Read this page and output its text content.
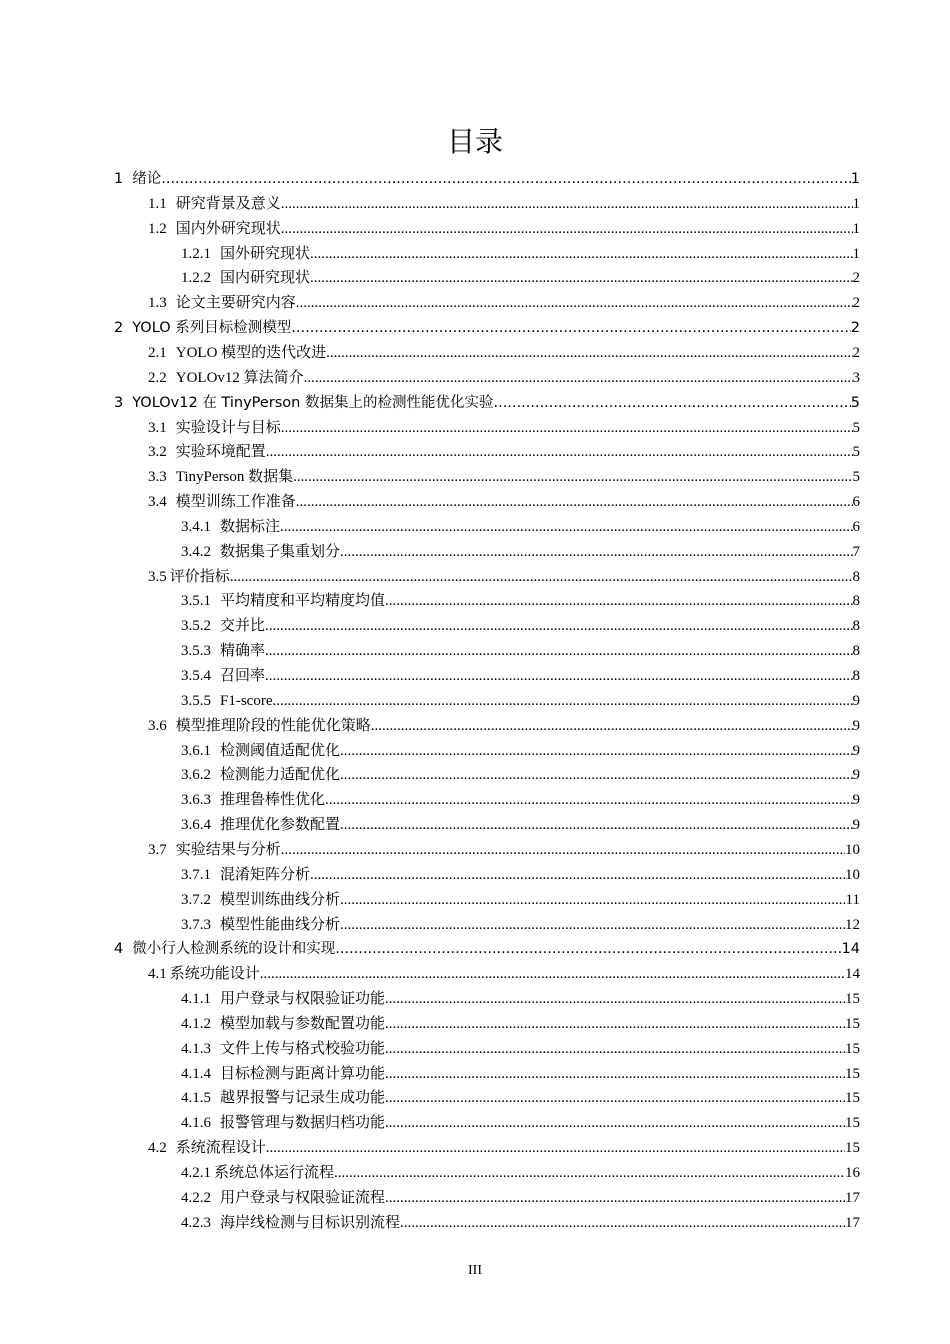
目录
1 绪论 .....	1
1.1 研究背景及意义 .....	1
1.2 国内外研究现状 .....	1
1.2.1 国外研究现状 .....	1
1.2.2 国内研究现状 .....	2
1.3 论文主要研究内容 .....	2
2 YOLO 系列目标检测模型 .....	2
2.1 YOLO 模型的迭代改进 .....	2
2.2 YOLOv12 算法简介 .....	3
3 YOLOv12 在 TinyPerson 数据集上的检测性能优化实验 .....	5
3.1 实验设计与目标 .....	5
3.2 实验环境配置 .....	5
3.3 TinyPerson 数据集 .....	5
3.4 模型训练工作准备 .....	6
3.4.1 数据标注 .....	6
3.4.2 数据集子集重划分 .....	7
3.5 评价指标 .....	8
3.5.1 平均精度和平均精度均值 .....	8
3.5.2 交并比 .....	8
3.5.3 精确率 .....	8
3.5.4 召回率 .....	8
3.5.5 F1-score .....	9
3.6 模型推理阶段的性能优化策略 .....	9
3.6.1 检测阈值适配优化 .....	9
3.6.2 检测能力适配优化 .....	9
3.6.3 推理鲁棒性优化 .....	9
3.6.4 推理优化参数配置 .....	9
3.7 实验结果与分析 .....	10
3.7.1 混淆矩阵分析 .....	10
3.7.2 模型训练曲线分析 .....	11
3.7.3 模型性能曲线分析 .....	12
4 微小行人检测系统的设计和实现 .....	14
4.1 系统功能设计 .....	14
4.1.1 用户登录与权限验证功能 .....	15
4.1.2 模型加载与参数配置功能 .....	15
4.1.3 文件上传与格式校验功能 .....	15
4.1.4 目标检测与距离计算功能 .....	15
4.1.5 越界报警与记录生成功能 .....	15
4.1.6 报警管理与数据归档功能 .....	15
4.2 系统流程设计 .....	15
4.2.1 系统总体运行流程 .....	16
4.2.2 用户登录与权限验证流程 .....	17
4.2.3 海岸线检测与目标识别流程 .....	17
III
